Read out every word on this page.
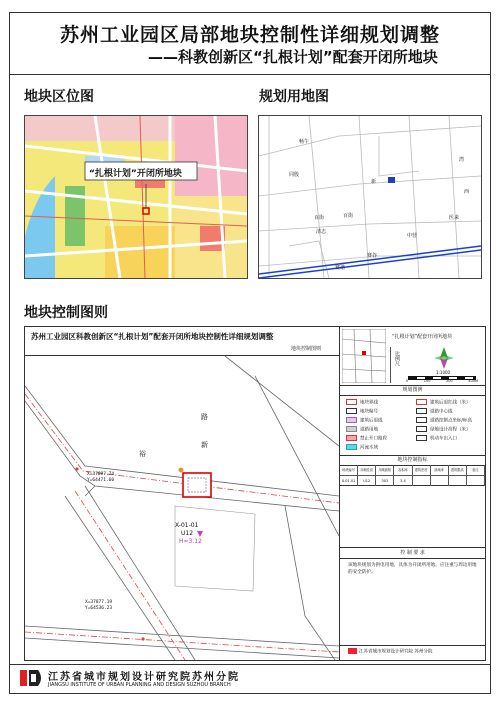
苏州工业园区局部地块控制性详细规划调整
——科教创新区“扎根计划”配套开闭所地块
地块区位图	规划用地图
地块控制图则
“扎根计划”开闭所地块
畅午
同殷
新
百街
湾
百街
清志
中营
医来
赛谐
赛谷
西
苏州工业园区科教创新区“扎根计划”配套开闭所地块控制性详细规划调整
地块控制图则
路
新
裕
X=37897.74
Y=64471.60
X=37877.19
Y=64536.23
X-01-01
U12
H=3.12
“扎根计划”配套开闭所地块
比例尺
1:1000
0	100	200	400M
规划图例
地块界线	建筑后退红线（米）
地块编号	道路中心线
建筑后退线	道路控制点坐标/标高
道路用地	绿地设计高程（米）
禁止开口路段	机动车出入口
河流水域
地块控制指标
地块编号	用地性质	用地面积	容积率	建筑密度	绿地率	建筑限高	备注
X-01-01	U12	303	3.4
控 制 要 求
该地块规划为供电用地，具体为开闭所用地，应注重与周边用地的安全防护。
江苏省城市规划设计研究院 苏州分院
江苏省城市规划设计研究院苏州分院
JIANGSU INSTITUTE OF URBAN PLANNING AND DESIGN SUZHOU BRANCH
